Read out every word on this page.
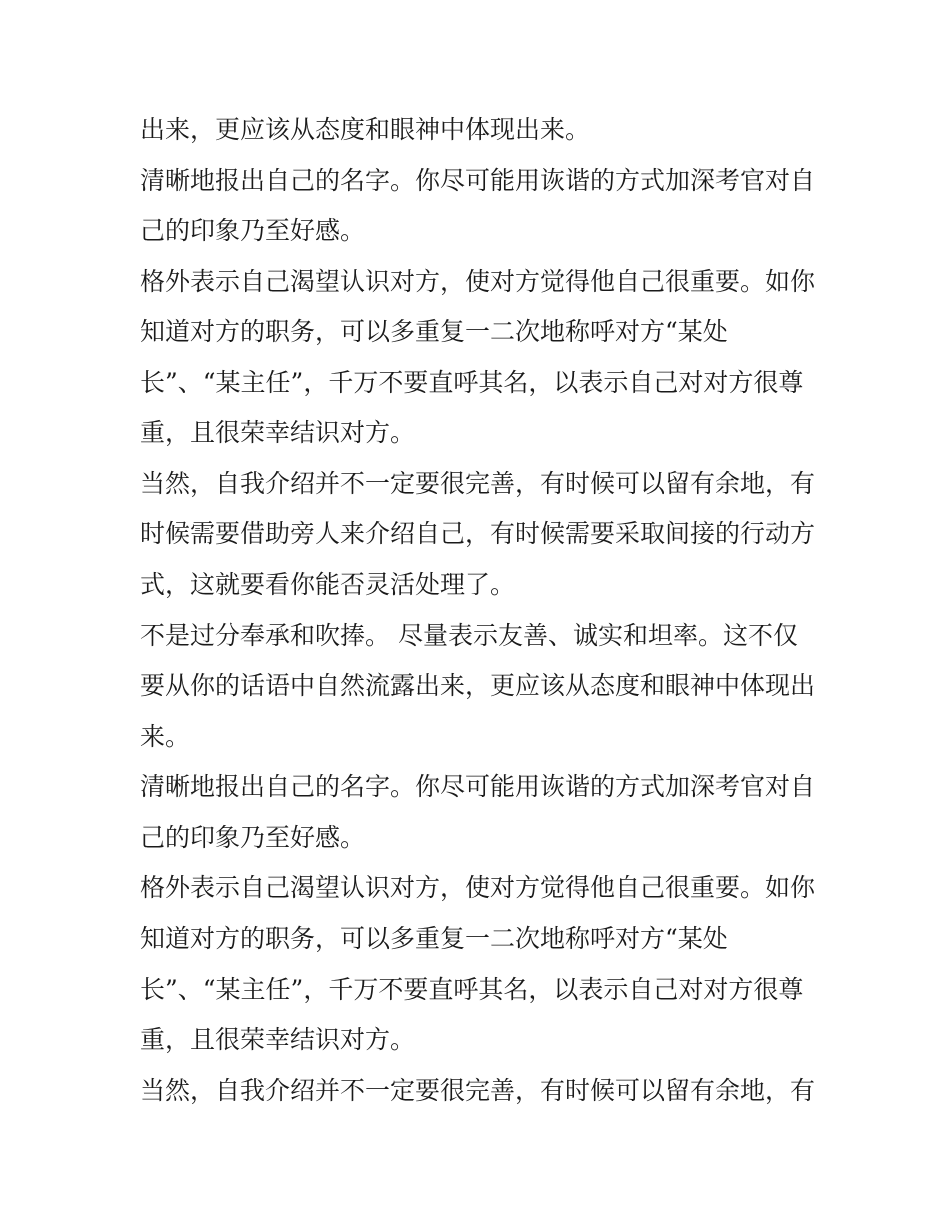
出来，更应该从态度和眼神中体现出来。
清晰地报出自己的名字。你尽可能用诙谐的方式加深考官对自
己的印象乃至好感。
格外表示自己渴望认识对方，使对方觉得他自己很重要。如你
知道对方的职务，可以多重复一二次地称呼对方“某处
长”、“某主任”，千万不要直呼其名，以表示自己对对方很尊
重，且很荣幸结识对方。
当然，自我介绍并不一定要很完善，有时候可以留有余地，有
时候需要借助旁人来介绍自己，有时候需要采取间接的行动方
式，这就要看你能否灵活处理了。
不是过分奉承和吹捧。 尽量表示友善、诚实和坦率。这不仅
要从你的话语中自然流露出来，更应该从态度和眼神中体现出
来。
清晰地报出自己的名字。你尽可能用诙谐的方式加深考官对自
己的印象乃至好感。
格外表示自己渴望认识对方，使对方觉得他自己很重要。如你
知道对方的职务，可以多重复一二次地称呼对方“某处
长”、“某主任”，千万不要直呼其名，以表示自己对对方很尊
重，且很荣幸结识对方。
当然，自我介绍并不一定要很完善，有时候可以留有余地，有
